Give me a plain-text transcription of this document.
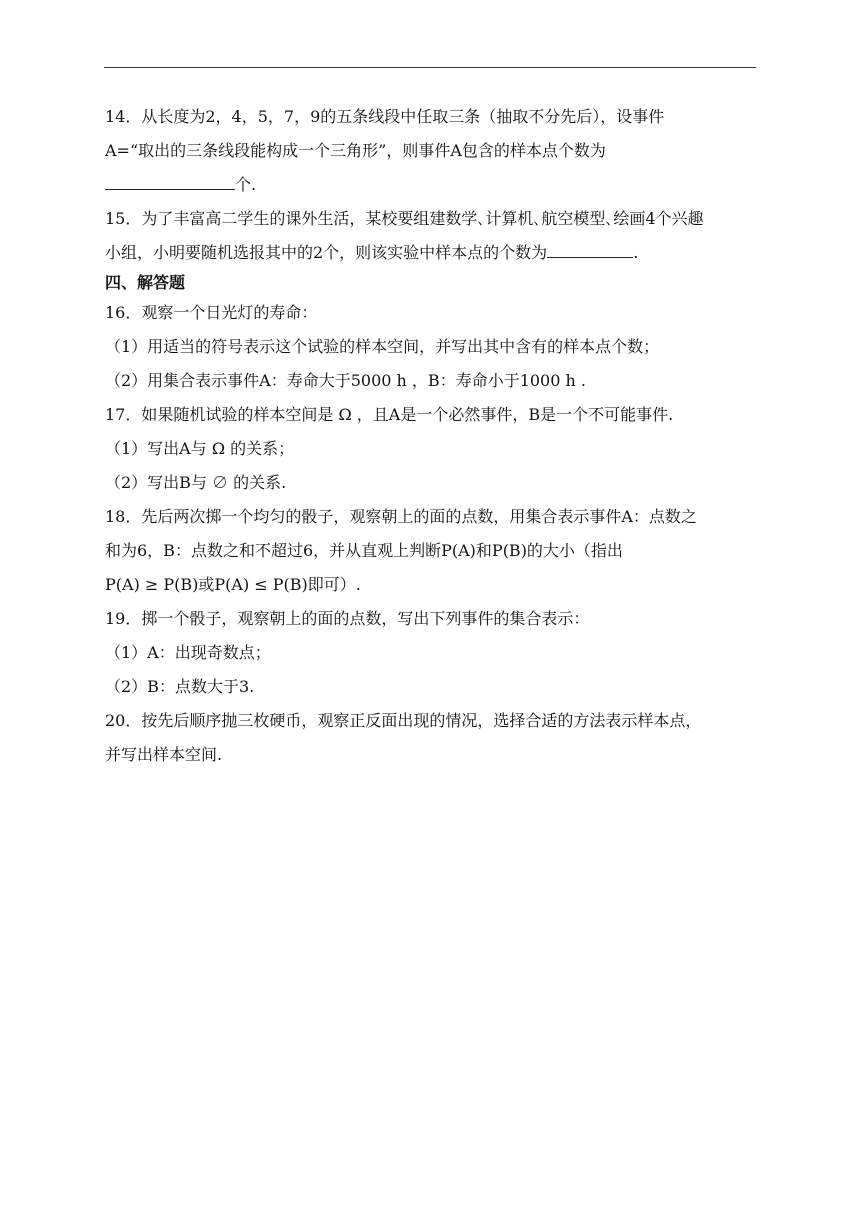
14．从长度为2，4，5，7，9的五条线段中任取三条（抽取不分先后），设事件
A=“取出的三条线段能构成一个三角形”，则事件A包含的样本点个数为
个.
15．为了丰富高二学生的课外生活，某校要组建数学､计算机､航空模型､绘画4个兴趣
小组，小明要随机选报其中的2个，则该实验中样本点的个数为	.
四、解答题
16．观察一个日光灯的寿命：
（1）用适当的符号表示这个试验的样本空间，并写出其中含有的样本点个数；
（2）用集合表示事件A：寿命大于5000 h ，B：寿命小于1000 h .
17．如果随机试验的样本空间是 Ω ，且A是一个必然事件，B是一个不可能事件.
（1）写出A与 Ω 的关系；
（2）写出B与 ∅ 的关系.
18．先后两次掷一个均匀的骰子，观察朝上的面的点数，用集合表示事件A：点数之
和为6，B：点数之和不超过6，并从直观上判断P(A)和P(B)的大小（指出
P(A) ≥ P(B)或P(A) ≤ P(B)即可）.
19．掷一个骰子，观察朝上的面的点数，写出下列事件的集合表示：
（1）A：出现奇数点；
（2）B：点数大于3.
20．按先后顺序抛三枚硬币，观察正反面出现的情况，选择合适的方法表示样本点，
并写出样本空间.
